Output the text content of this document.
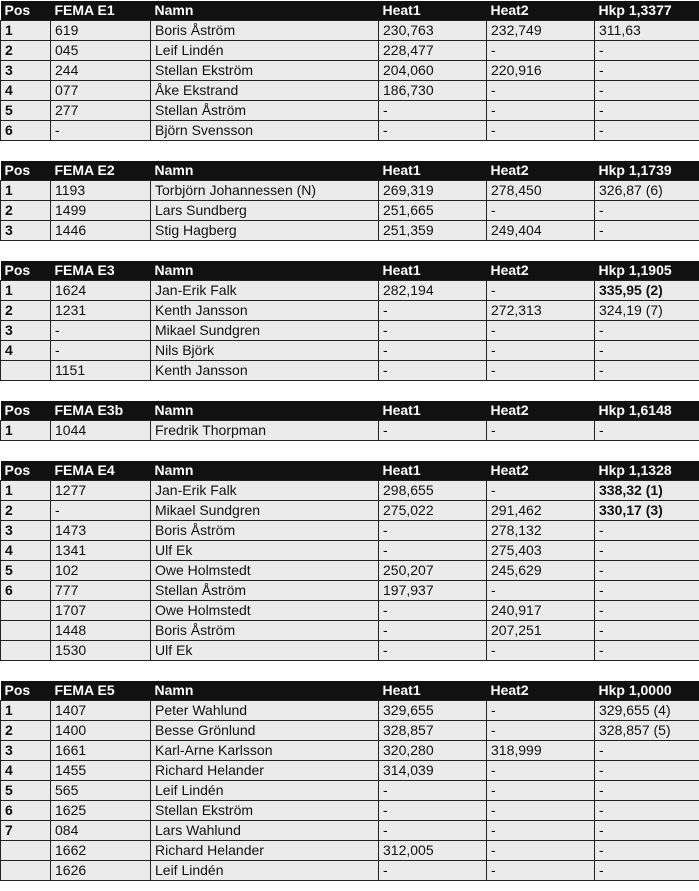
Pos	FEMA E1	Namn	Heat1	Heat2	Hkp 1,3377
1	619	Boris Åström	230,763	232,749	311,63
2	045	Leif Lindén	228,477	-	-
3	244	Stellan Ekström	204,060	220,916	-
4	077	Åke Ekstrand	186,730	-	-
5	277	Stellan Åström	-	-	-
6	-	Björn Svensson	-	-	-
Pos	FEMA E2	Namn	Heat1	Heat2	Hkp 1,1739
1	1193	Torbjörn Johannessen (N)	269,319	278,450	326,87 (6)
2	1499	Lars Sundberg	251,665	-	-
3	1446	Stig Hagberg	251,359	249,404	-
Pos	FEMA E3	Namn	Heat1	Heat2	Hkp 1,1905
1	1624	Jan-Erik Falk	282,194	-	335,95 (2)
2	1231	Kenth Jansson	-	272,313	324,19 (7)
3	-	Mikael Sundgren	-	-	-
4	-	Nils Björk	-	-	-
	1151	Kenth Jansson	-	-	-
Pos	FEMA E3b	Namn	Heat1	Heat2	Hkp 1,6148
1	1044	Fredrik Thorpman	-	-	-
Pos	FEMA E4	Namn	Heat1	Heat2	Hkp 1,1328
1	1277	Jan-Erik Falk	298,655	-	338,32 (1)
2	-	Mikael Sundgren	275,022	291,462	330,17 (3)
3	1473	Boris Åström	-	278,132	-
4	1341	Ulf Ek	-	275,403	-
5	102	Owe Holmstedt	250,207	245,629	-
6	777	Stellan Åström	197,937	-	-
	1707	Owe Holmstedt	-	240,917	-
	1448	Boris Åström	-	207,251	-
	1530	Ulf Ek	-	-	-
Pos	FEMA E5	Namn	Heat1	Heat2	Hkp 1,0000
1	1407	Peter Wahlund	329,655	-	329,655 (4)
2	1400	Besse Grönlund	328,857	-	328,857 (5)
3	1661	Karl-Arne Karlsson	320,280	318,999	-
4	1455	Richard Helander	314,039	-	-
5	565	Leif Lindén	-	-	-
6	1625	Stellan Ekström	-	-	-
7	084	Lars Wahlund	-	-	-
	1662	Richard Helander	312,005	-	-
	1626	Leif Lindén	-	-	-
